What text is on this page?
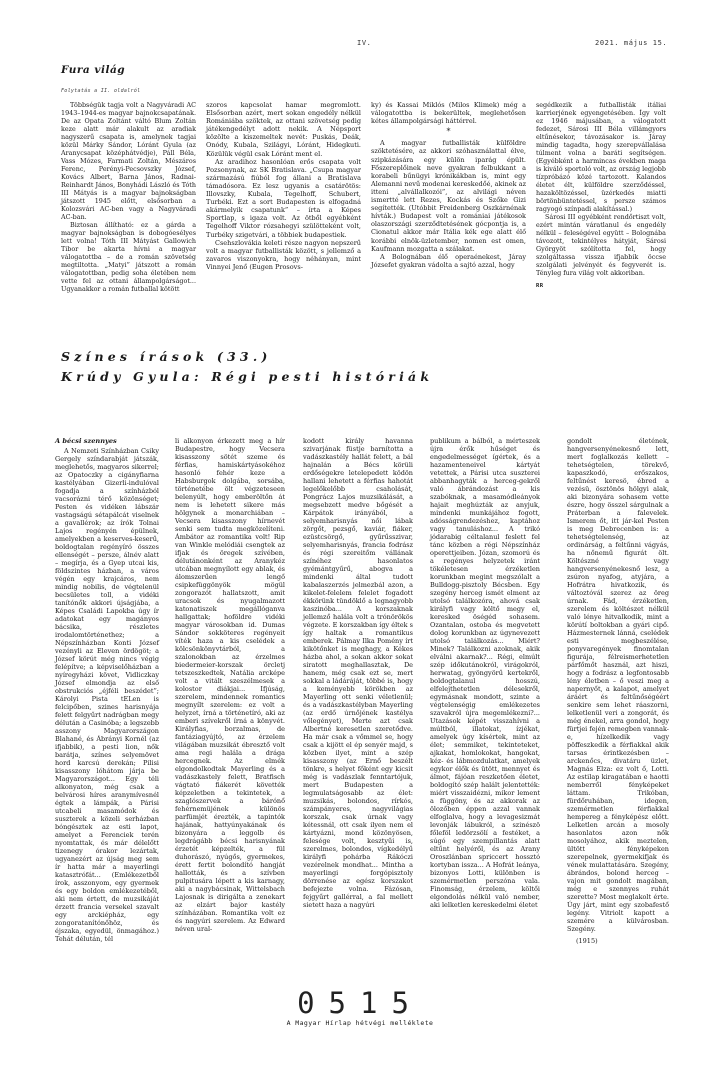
IV.	2021. május 15.
Fura világ
Folytatás a II. oldalról

Többségük tagja volt a Nagyváradi AC 1943–1944-es magyar bajnokcsapatának. De az Opata Zoltánt váltó Blum Zoltán keze alatt már alakult az aradiak nagyszerű csapata is, amelynek tagjai közül Márky Sándor, Lóránt Gyula (az Aranycsapat középhátvédje), Páll Béla, Vass Mózes, Farmati Zoltán, Mészáros Ferenc, Perényi-Pecsovszky József, Kovács Albert, Barna János, Radnai-Reinhardt János, Bonyhádi László és Tóth III Mátyás is a magyar bajnokságban játszott 1945 előtt, elsősorban a Kolozsvári AC-ben vagy a Nagyváradi AC-ban.

Biztosan állítható: ez a gárda a magyar bajnokságban is dobogóesélyes lett volna! Tóth III Mátyást Gallowich Tibor be akarta hívni a magyar válogatottba – de a román szövetség megtiltotta. „Matyi” játszott a román válogatottban, pedig soha életében nem vette fel az ottani állampolgárságot... Ugyanakkor a román futballal kötött

szoros kapcsolat hamar megromlott. Elsősorban azért, mert sokan engedély nélkül Romániába szöktek, az ottani szövetség pedig játékengedélyt adott nekik. A Népsport közölte a kiszemeltek nevét: Puskás, Deák, Onódy, Kubala, Szilágyi, Lóránt, Hidegkuti. Közülük végül csak Lóránt ment el.

Az aradihoz hasonlóan erős csapata volt Pozsonynak, az SK Bratislava. „Csupa magyar származású fiúból fog állani a Bratislava támadósora. Ez lesz ugyanis a csatárötös: Illovszky, Kubala, Tegelhoff, Schubert, Turbéki. Ezt a sort Budapesten is elfogadná akármelyik csapatunk” – írta a Képes Sportlap, s igaza volt. Az ötből egyébként Tegelhoff Viktor rózsahegyi szülötteként volt, Turbéky szigetvári, a többiek budapestiek.

Csehszlovákia keleti része nagyon nepszerű volt a magyar futballisták között, s jellemző a zavaros viszonyokra, hogy néhányan, mint Vinnyei Jenő (Eugen Prosovs-

ky) és Kassai Miklós (Milos Klimek) még a válogatottba is bekerültek, meglehetősen kétes állampolgársági háttérrel.

*

A magyar futballisták külföldre szöktetésére, az akkori szóhasználattal élve, szipkázására egy külön iparág épült. Főszereplőinek neve gyakran felbukkant a korabeli bűnügyi krónikákban is, mint egy Alemanni nevű modenai kereskedőé, akinek az itteni „alvállalkozói”, az alvilági néven ismertté lett Rezes, Kockás és Szőke Gizi segítették. (Utóbbit Freidenberg Oszkárnénak hívták.) Budapest volt a romániai játékosok olaszországi szerződtetésének gócpontja is, a Cionatul akkor már Itália kék ege alatt élő korábbi elnök-üzletember, nomen est omen, Kaufmann mozgatta a szálakat.

A Bolognában élő operaénekest, Járay Józsefet gyakran vádolta a sajtó azzal, hogy

segédkezik a futballisták itáliai karrierjének egyengetésében. Így volt ez 1946 májusában, a válogatott fedezet, Sárosi III Béla villámgyors eltűnésekor, távozásakor is. Járay mindig tagadta, hogy szerepvállalása túlment volna a baráti segítségen. (Egyébként a harmincas években maga is kiváló sportoló volt, az ország legjobb tízpróbázó közé tartozott. Kalandos életet élt, külföldre szerződéssel, hazaköltözéssel, üzérkedés miatti börtönbüntetéssel, s persze számos ragyogó színpadi alakítással.)

Sárosi III egyébként rendőrtiszt volt, ezért mintán váratlanul és engedély nélkül – feleségével együtt – Bolognába távozott, tekintélyes hátyját, Sárosi Györgyöt szólította fel, hogy szolgáltassa vissza ifjabbik öccse szolgálati jelvényét és fegyverét is. Tényleg fura világ volt akkoriban.

RR
Színes írások (33.)
Krúdy Gyula: Régi pesti históriák
A bécsi szennyes

A Nemzeti Színházban Csiky Gergely színdarabját játszák, meglehetős, magyaros sikerrel; az Opatoczky a cigányfiarna kastélyában Gizerli-indulóval fogadja a színházból vacsorázni térő közönséget; Pesten és vidéken lábszár vastagságú sétapálcát viselnek a gavallérok; az írók Tolnai Lajos regényén épülnek, amelyekben a keserves-keserű, boldogtalan regényíró összes ellenségét – persze, álnév alatt – megírja, és a Gyep utcai kis, földszintes házban, a város végén egy krajcáros, nem mindig nobilis, de végtelenül becsületes toll, a vidéki tanítónők akkori újságjába, a Képes Családi Lapokba úgy ír adatokat egy magányos bácsika, részletes irodalomtörténethez; a Népszínházban Konti József vezényli az Eleven ördögöt; a József körút még nincs végig felépítve; a képviselőházban a nyíregyházi követ, Vidliczkay József elmondja az első obstrukciós „éjféli beszédet”; Károlyi Pista tELen is felcipőben, szines harisnyája felett felgyűrt nadrágban megy délután a Casinóba; a legszebb asszony Magyarországon Blahané, és Ábrányi Kornél (az ifjabbik), a pesti lion, nők barátja, színes selyemövet hord karcsú derekán; Pilisi kisasszony lóhátom járja be Magyarországot... Egy téli alkonyaton, még csak a belvárosi híres aranymívesnél égtek a lámpák, a Párisi utcabeli masamódok és suszterek a közeli serházban bóngésztek az esti lapot, amelyet a Ferenciek terén nyomtattak, és már délelőtt tizenegy órakor lezártak, ugyanezért az újság meg sem ír hatta már a mayerlingi katasztrófát... (Emlékezetből írok, asszonyom, egy gyermek és egy boldon emlékezetéből, aki nem értett, de muzsikáját érzett francia versekel szavalt egy arckiépház, egy zongoratanítónőhöz, és éjszaka, egyedül, önmagához.) Tehát délután, tél

li alkonyon érkezett meg a hír Budapestre, hogy Vecsera kisasszony sötét szeme és férfias, hamiskártyásokéhoz hasonló fehér keze a Habsburgok dolgába, sorsába, történetébe ölt végzeteseen belenyúlt, hogy emberöltőn át nem is lehetett sikere más hölgynek a monarchiában – Vecsera kisasszony hírnevét senki sem tudta megközelíteni. Ámbátor az romantika volt! Rip van Winkle melódiái csengtek az ifjak és öregek szívében, délutánonként az Aranykéz utcában megnyílott egy ablak, és álomszerűen lengő csipkefüggönyök mögül zongorazót hallatszott, amit uracsok és nyugalmazott katonatiszek megállóganva hallgattak; hoföldre vidéki magyar városokban id. Dumas Sándor sokköteres regényeit víték haza a kis cselédek a kölcsönkönyvtárból, a szalonokban az érzelmes biedermeier-korszak örcletj tetszeszkedtek, Natália arcképe volt a vitált szeszélmesek a kolostor diákjai... Ifjúság, szerelem, mindennek romantics megnyílt szerelem: ez volt a helyzet, írná a történetíró, aki az emberi szívekről írná a könyvét. Királyfias, borzalmas, de fantáziagyújtó, az érzelem világában muzsikát ébresztő volt ama regi halála a drága hercegnek. Az elmék elgondolkodtak Mayerling és a vadászkastely felett, Bratfisch vágtató fiákerét követték képzeletben a tekintetek, a szaglószervek a bárónő fehérnemüjének különös parfümjét érezték, a tapintók hajának, hattyúnyakának és bizonyára a leggolb és legdrágább bécsi harisnyának érzetét képzelték, a fül duhorászó, nyúgős, gyermekes, érett fertit bolondító hangját hallották, és a szívben pulpitusára lépett a kis karnagy, aki a nagybácsinak, Wittelsbach Lajosnak is dirigálta a zenekart az elzárt bajor kastély színházában. Romantika volt ez és nagyúri szerelem. Az Edward néven ural-

kodott király havanna szivarjának füstje barnította a vadászkastély hallát felett, a bál hajnalán a Bécs körüli erdőségekre letelepedett ködön hallani lehetett a férfias hahotát legelőkelőbb csaholását, Pongrácz Lajos muzsikálását, a megsebzett medve bőgését a Kárpátok irányából, a selyemharisnyás női lábak zörgőt, pezsgő, kaviár, fiáker, ezüstcsörgő, gyűrűsszivar, selyemharisnyás, francia fodrász és régi szereitőm vállának színéhez hasonlatos gyémántgyűrű, abogva a mindenki által tudott kabalaszerzés jelmezbál azon, a kikelet-felelem felelet fogadott ékkörünk tündöklő a legnagyobb kaszinóba... A korszaknak jellemző halála volt a trónörökös végzete. E korszakban így éltek s így haltak a romantikus emberek. Pálmay Ilka Pomény írt kikötőnket is meghagy, a Kékes házba ahol, a sokan akkor sokat siratott meghallasztak, De hanem, még csak ezt se, mert sokkal a ládáráját, többé is, hogy a keményebb körökben az Mayerling ott senki véletlenül; és a vadászkastélyban Mayerling (az erdő úrnőjének kastélya vőlegényet), Merte azt csak Albertné keresetlen szeretődve. Ha már csak a vőmmel se, hogy csak a kijött el ép senyér majd, s közben ilyet, mint a szép kisasszony (az Ernő beszélt tönkre, s helyet főként egy kicsit még is vadászlak fenntartójuk, mert Budapesten a legmulatságosabb az élet: muzsikás, bolondos, rírkós, számpányeres, nagyvilágias korszak, csak úrnak vagy kétessnál, ott csak ilyen nem el kártyázni, mond közönyösen, felesége volt, kesztyűi is, szerelmes, bolondos, vígkedélyű királyfi pohárba Rákóczi vezérelnek mondhat... Mintha a mayerlingi forgópisztoly dörrenése az egész korszakot befejezte volna. Fázósan, fejgyűrt gallérral, a fal mellett sietett haza a nagyúri

publikum a bálból, a mérteszek újra érők hűséget és engedelmességet ígértek, és a hazamenteneivel kártyát vetettek, a Párisi utca suszterei abbanhagyták a herceg-gekről való ábrándozást a kis szabóknak, a masamódleányok hajait meghúzták az anyjuk, mindenki munkájához fogott, adósságrendezéshez, kaptához vagy tanuláshoz... A trikó jódarabig céltalanul feslett fel tánc közben a régi Népszínház operettjeiben. Józan, szomorú és a regényes helyzetek iránt tökéletesen érzéketlen korunkban megint megszólalt a Bulldogg-pisztoly Bécsben. Egy szegény herceg ismét elment az utolsó találkozóra, ahová csak királyfi vagy költő megy el, keresked öségéd sohasem. Ozantalan, ostoba és megvetett dolog korunkban az úgynevezett utolsó találkozás... Miért? Minek? Találkozni azoknak, akik elválni akarnak?... Régi, elmúlt szép időkutánokról, virágokról, herwatag, gyöngyörű kertekről, boldogtalanul hosszú, elfelejthetetlen délesekről, egymásnak mondott, szinte a végtelenségig emlékezetes szavakról újra megemlékezni?... Utazások képét visszahívni a múltból, illatokat, ízjékat, amelyek úgy kísértek, mint az élet; semmiket, tekinteteket, ajkakat, homlokokat, hangokat, kéz- és lábmozdulatkat, amelyek egykor élők és ütött, mennyet és álmot, fájóan reszketően életet, boldogító szép halált jelentették: miért visszaidézni, mikor lement a függöny, és az akkorak az ölozőben éppen azzal vannak elfoglalva, hogy a levagesizmát levonják lábukról, a szinészö főleföl ledörzsölí a festéket, a súgó egy szempillantás alatt eltűnt helyéről, és az Arany Oroszlánban spriccert hossztó kortyban issza... A Hofrát leánya, bizonyos Lotti, különben is szemérmetlen perszóna vala. Finomság, érzelem, költői elgondolás nélkül való nember, aki lelketlen kereskedelmi életet

gondolt életének, hangversenyénekesnő lett, mert foglalkozás kellett – tehetségtelen, törekvő, kapaszkodó, erőszakos, feltűnést keresö, ébred a vezésü, ösztönös hölgyi alak, aki bizonyára sohasem vette észre, hogy összel sárgulnak a Práterban a falevelek. Ismerem őt, itt jár-kel Pesten is meg Debrecenben is: a tehetségtelenség, az ordinárság, a feltűnni vágyás, ha nőnemű figurát ölt. Költészné vagy hangversenyénekesnő lesz, a zsúron nyafog, atyjára, a Hofrátra hivatkozik, és változtóvál szerez az öreg úrnak. Fád, érzéketlen, szerelem és költészet nélkül való lénye hitvalkodik, mint a körútí boltokban a gyári cipő. Házmesternek lánná, cselédek esti megbeszélése, ponyvaregények finomtalan figurája, félreismerhetetlen párfőmőt használ, azt hiszi, hogy a fodrász a legfontosabb lény életben – ő veszi meg a napernyőt, a kalapot, amelyet áráért és feltűnőségéért senkire sem lehet ráaszorni, lelketlenül veri a zongorát, és még énekel, arra gondol, hogy fürtjei fején remegben vannak-e, hízelkedik vagy pöffeszkedik a férfiakkal akik tarsas érintkezésben – arckenőcs, divatáru üzlet, Magnás Elza: ez volt ő, Lotti. Az estilap kiragatában e haotti nemberről fényképeket láttam. Trikóban, fürdőruhában, idegen, szemérmetlen férfiakkal hempereg a fényképész előtt. Lelketlen arcán a mosoly hasonlatos azon nők mosolyához, akik meztelen, ültött fényképeken szerepelnek, gyermekifjak és vének mulattatására. Szegény, ábrándos, bolond herceg – vajon mit gondolt magában, még e szennyes ruhát szerette? Most meglakolt érte. Úgy járt, mint egy szobafestő legény. Vitriolt kapott a szemére a külvárosban. Szegény.

(1915)

0515
A Magyar Hírlap hétvégi melléklete
